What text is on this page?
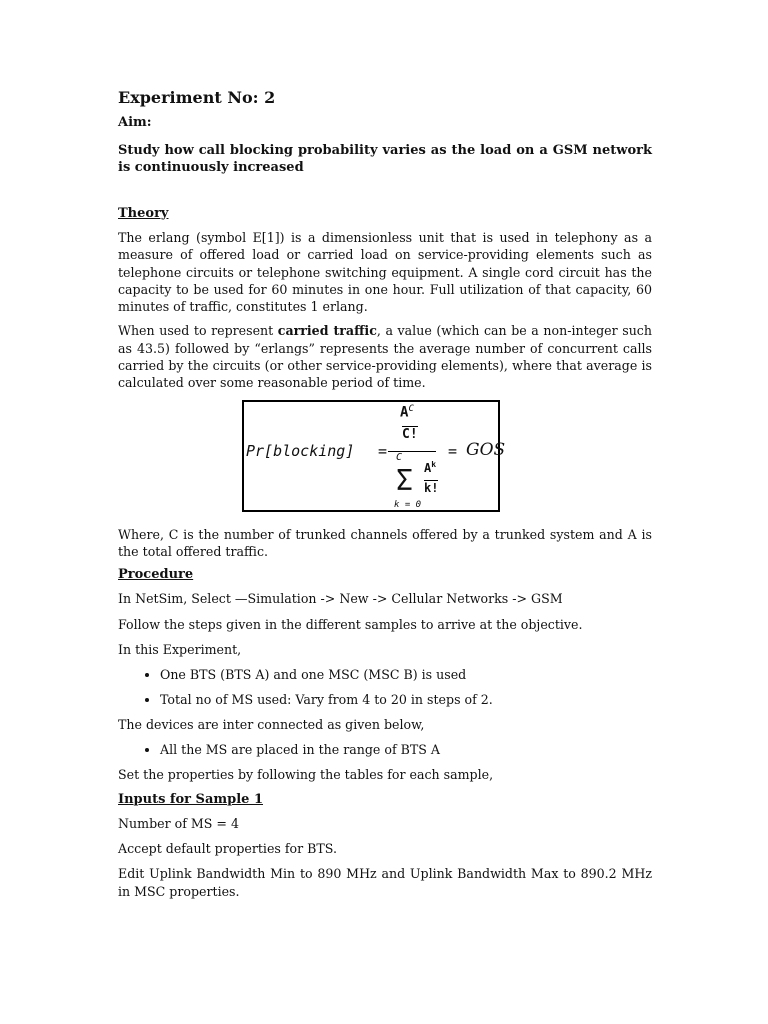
Experiment No: 2
Aim:
Study how call blocking probability varies as the load on a GSM network is continuously increased
Theory
The erlang (symbol E[1]) is a dimensionless unit that is used in telephony as a measure of offered load or carried load on service-providing elements such as telephone circuits or telephone switching equipment. A single cord circuit has the capacity to be used for 60 minutes in one hour. Full utilization of that capacity, 60 minutes of traffic, constitutes 1 erlang.
When used to represent carried traffic, a value (which can be a non-integer such as 43.5) followed by “erlangs” represents the average number of concurrent calls carried by the circuits (or other service-providing elements), where that average is calculated over some reasonable period of time.
Pr[blocking] =
$A^C$
C!
C
Σ $A^k$
k!
k = 0
= GOS
Where, C is the number of trunked channels offered by a trunked system and A is the total offered traffic.
Procedure
In NetSim, Select —Simulation -> New -> Cellular Networks -> GSM
Follow the steps given in the different samples to arrive at the objective.
In this Experiment,
• One BTS (BTS A) and one MSC (MSC B) is used
• Total no of MS used: Vary from 4 to 20 in steps of 2.
The devices are inter connected as given below,
• All the MS are placed in the range of BTS A
Set the properties by following the tables for each sample,
Inputs for Sample 1
Number of MS = 4
Accept default properties for BTS.
Edit Uplink Bandwidth Min to 890 MHz and Uplink Bandwidth Max to 890.2 MHz in MSC properties.
